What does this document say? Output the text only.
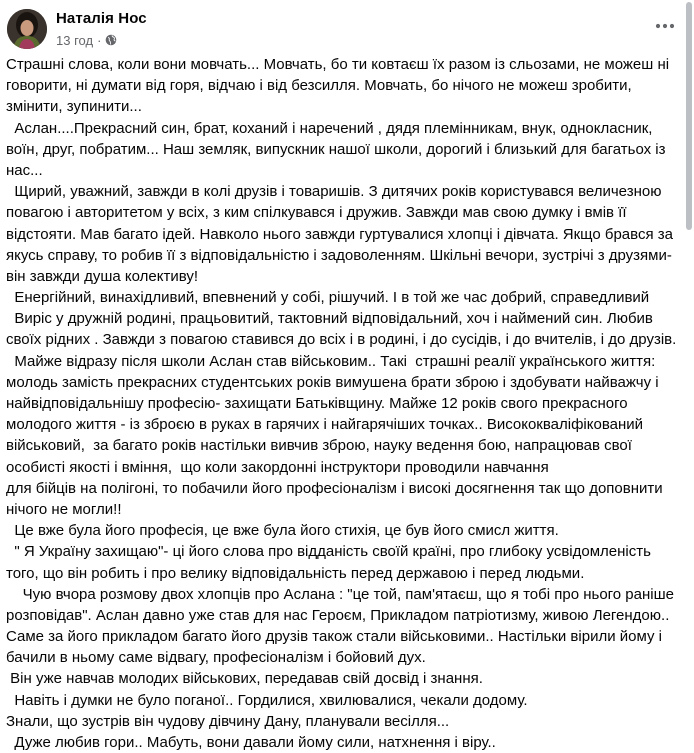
Наталія Нос
13 год ·
Страшні слова, коли вони мовчать... Мовчать, бо ти ковтаєш їх разом із сльозами, не можеш ні
говорити, ні думати від горя, відчаю і від безсилля. Мовчать, бо нічого не можеш зробити,
змінити, зупинити...
Аслан....Прекрасний син, брат, коханий і наречений , дядя племінникам, внук, однокласник,
воїн, друг, побратим... Наш земляк, випускник нашої школи, дорогий і близький для багатьох із
нас...
Щирий, уважний, завжди в колі друзів і товаришів. З дитячих років користувався величезною
повагою і авторитетом у всіх, з ким спілкувався і дружив. Завжди мав свою думку і вмів її
відстояти. Мав багато ідей. Навколо нього завжди гуртувалися хлопці і дівчата. Якщо брався за
якусь справу, то робив її з відповідальністю і задоволенням. Шкільні вечори, зустрічі з друзями-
він завжди душа колективу!
Енергійний, винахідливий, впевнений у собі, рішучий. І в той же час добрий, справедливий
Виріс у дружній родині, працьовитий, тактовний відповідальний, хоч і наймений син. Любив
своїх рідних . Завжди з повагою ставився до всіх і в родині, і до сусідів, і до вчителів, і до друзів.
Майже відразу після школи Аслан став військовим.. Такі  страшні реалії українського життя:
молодь замість прекрасних студентських років вимушена брати зброю і здобувати найважчу і
найвідповідальнішу професію- захищати Батьківщину. Майже 12 років свого прекрасного
молодого життя - із зброєю в руках в гарячих і найгарячіших точках.. Висококваліфікований
військовий,  за багато років настільки вивчив зброю, науку ведення бою, напрацював свої
особисті якості і вміння,  що коли закордонні інструктори проводили навчання
для бійців на полігоні, то побачили його професіоналізм і високі досягнення так що доповнити
нічого не могли!!
Це вже була його професія, це вже була його стихія, це був його смисл життя.
" Я Україну захищаю"- ці його слова про відданість своїй країні, про глибоку усвідомленість
того, що він робить і про велику відповідальність перед державою і перед людьми.
Чую вчора розмову двох хлопців про Аслана : "це той, пам'ятаєш, що я тобі про нього раніше
розповідав". Аслан давно уже став для нас Героєм, Прикладом патріотизму, живою Легендою..
Саме за його прикладом багато його друзів також стали військовими.. Настільки вірили йому і
бачили в ньому саме відвагу, професіоналізм і бойовий дух.
Він уже навчав молодих військових, передавав свій досвід і знання.
Навіть і думки не було поганої.. Гордилися, хвилювалися, чекали додому.
Знали, що зустрів він чудову дівчину Дану, планували весілля...
Дуже любив гори.. Мабуть, вони давали йому сили, натхнення і віру..
